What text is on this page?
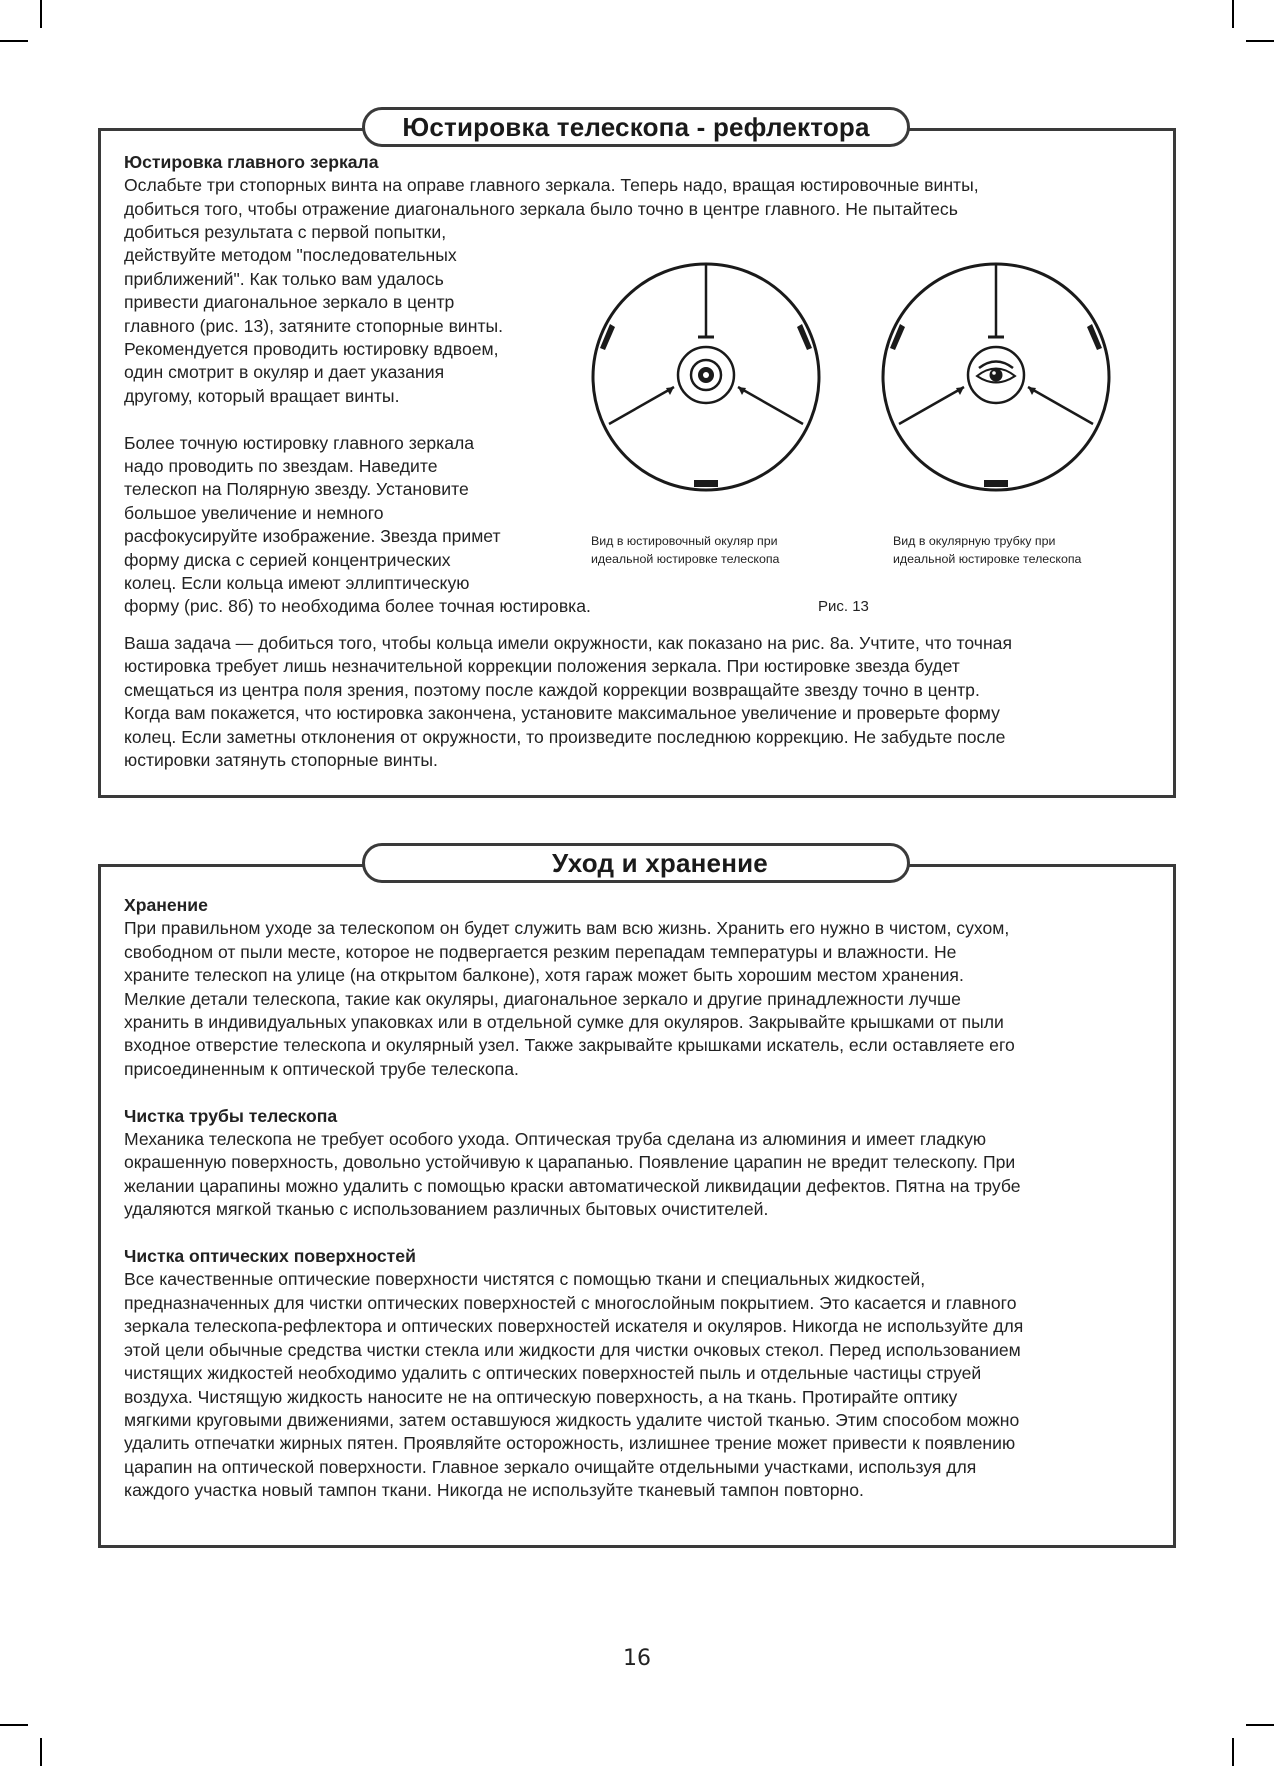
Юстировка телескопа - рефлектора
Юстировка главного зеркала

Ослабьте три стопорных винта на оправе главного зеркала. Теперь надо, вращая юстировочные винты,

добиться того, чтобы отражение диагонального зеркала было точно в центре главного. Не пытайтесь

добиться результата с первой попытки,

действуйте методом "последовательных

приближений". Как только вам удалось

привести диагональное зеркало в центр

главного (рис. 13), затяните стопорные винты.

Рекомендуется проводить юстировку вдвоем,

один смотрит в окуляр и дает указания

другому, который вращает винты.

Более точную юстировку главного зеркала

надо проводить по звездам. Наведите

телескоп на Полярную звезду. Установите

большое увеличение и немного

расфокусируйте изображение. Звезда примет

форму диска с серией концентрических

колец. Если кольца имеют эллиптическую

форму (рис. 8б) то необходима более точная юстировка.

Ваша задача — добиться того, чтобы кольца имели окружности, как показано на рис. 8а. Учтите, что точная

юстировка требует лишь незначительной коррекции положения зеркала. При юстировке звезда будет

смещаться из центра поля зрения, поэтому после каждой коррекции возвращайте звезду точно в центр.

Когда вам покажется, что юстировка закончена, установите максимальное увеличение и проверьте форму

колец. Если заметны отклонения от окружности, то произведите последнюю коррекцию. Не забудьте после

юстировки затянуть стопорные винты.

Вид в юстировочный окуляр при
идеальной юстировке телескопа
Вид в окулярную трубку при
идеальной юстировке телескопа
Рис. 13
Уход и хранение
Хранение

При правильном уходе за телескопом он будет служить вам всю жизнь. Хранить его нужно в чистом, сухом,

свободном от пыли месте, которое не подвергается резким перепадам температуры и влажности. Не

храните телескоп на улице (на открытом балконе), хотя гараж может быть хорошим местом хранения.

Мелкие детали телескопа, такие как окуляры, диагональное зеркало и другие принадлежности лучше

хранить в индивидуальных упаковках или в отдельной сумке для окуляров. Закрывайте крышками от пыли

входное отверстие телескопа и окулярный узел. Также закрывайте крышками искатель, если оставляете его

присоединенным к оптической трубе телескопа.

Чистка трубы телескопа

Механика телескопа не требует особого ухода. Оптическая труба сделана из алюминия и имеет гладкую

окрашенную поверхность, довольно устойчивую к царапанью. Появление царапин не вредит телескопу. При

желании царапины можно удалить с помощью краски автоматической ликвидации дефектов. Пятна на трубе

удаляются мягкой тканью с использованием различных бытовых очистителей.

Чистка оптических поверхностей

Все качественные оптические поверхности чистятся с помощью ткани и специальных жидкостей,

предназначенных для чистки оптических поверхностей с многослойным покрытием. Это касается и главного

зеркала телескопа-рефлектора и оптических поверхностей искателя и окуляров. Никогда не используйте для

этой цели обычные средства чистки стекла или жидкости для чистки очковых стекол. Перед использованием

чистящих жидкостей необходимо удалить с оптических поверхностей пыль и отдельные частицы струей

воздуха. Чистящую жидкость наносите не на оптическую поверхность, а на ткань. Протирайте оптику

мягкими круговыми движениями, затем оставшуюся жидкость удалите чистой тканью. Этим способом можно

удалить отпечатки жирных пятен. Проявляйте осторожность, излишнее трение может привести к появлению

царапин на оптической поверхности. Главное зеркало очищайте отдельными участками, используя для

каждого участка новый тампон ткани. Никогда не используйте тканевый тампон повторно.

16
